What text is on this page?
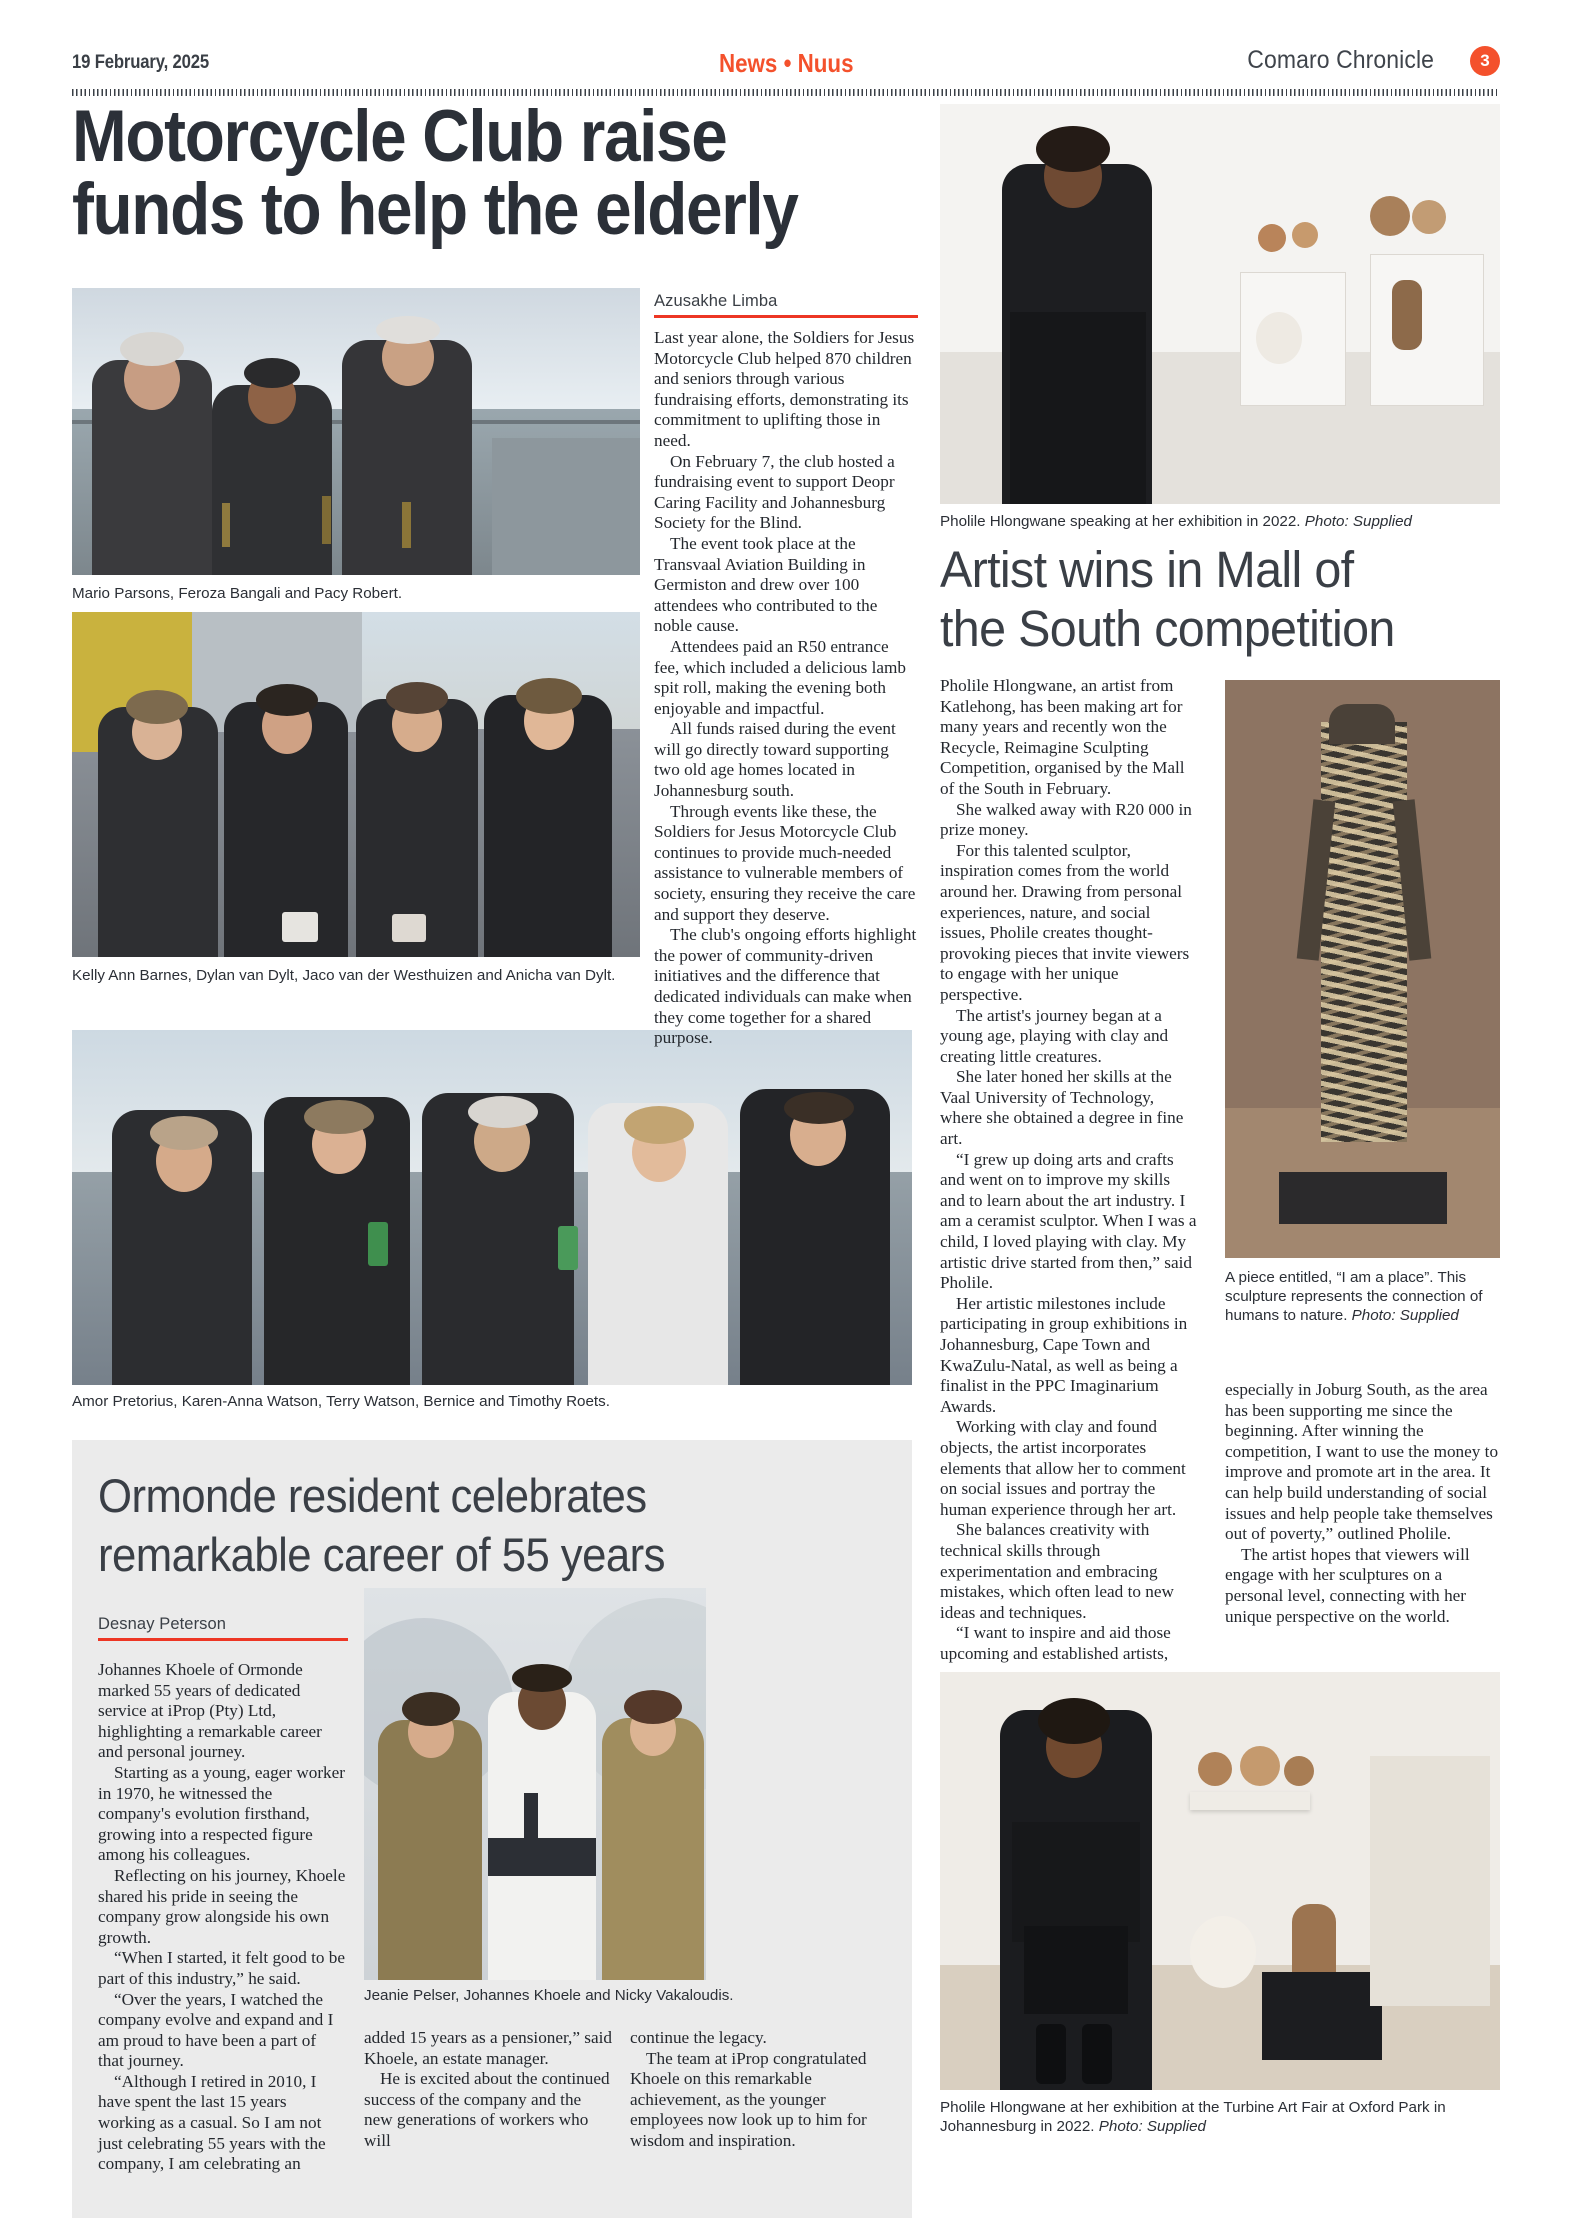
19 February, 2025	News • Nuus	Comaro Chronicle	3
Motorcycle Club raise
funds to help the elderly
Mario Parsons, Feroza Bangali and Pacy Robert.
Kelly Ann Barnes, Dylan van Dylt, Jaco van der Westhuizen and Anicha van Dylt.
Amor Pretorius, Karen-Anna Watson, Terry Watson, Bernice and Timothy Roets.
Azusakhe Limba

Last year alone, the Soldiers for Jesus Motorcycle Club helped 870 children and seniors through various fundraising efforts, demonstrating its commitment to uplifting those in need.

On February 7, the club hosted a fundraising event to support Deopr Caring Facility and Johannesburg Society for the Blind.

The event took place at the Transvaal Aviation Building in Germiston and drew over 100 attendees who contributed to the noble cause.

Attendees paid an R50 entrance fee, which included a delicious lamb spit roll, making the evening both enjoyable and impactful.

All funds raised during the event will go directly toward supporting two old age homes located in Johannesburg south.

Through events like these, the Soldiers for Jesus Motorcycle Club continues to provide much-needed assistance to vulnerable members of society, ensuring they receive the care and support they deserve.

The club's ongoing efforts highlight the power of community-driven initiatives and the difference that dedicated individuals can make when they come together for a shared purpose.

Ormonde resident celebrates
remarkable career of 55 years
Desnay Peterson

Johannes Khoele of Ormonde marked 55 years of dedicated service at iProp (Pty) Ltd, highlighting a remarkable career and personal journey.

Starting as a young, eager worker in 1970, he witnessed the company's evolution firsthand, growing into a respected figure among his colleagues.

Reflecting on his journey, Khoele shared his pride in seeing the company grow alongside his own growth.

“When I started, it felt good to be part of this industry,” he said.

“Over the years, I watched the company evolve and expand and I am proud to have been a part of that journey.

“Although I retired in 2010, I have spent the last 15 years working as a casual. So I am not just celebrating 55 years with the company, I am celebrating an

Jeanie Pelser, Johannes Khoele and Nicky Vakaloudis.

added 15 years as a pensioner,” said Khoele, an estate manager.

He is excited about the continued success of the company and the new generations of workers who will

continue the legacy.

The team at iProp congratulated Khoele on this remarkable achievement, as the younger employees now look up to him for wisdom and inspiration.

Pholile Hlongwane speaking at her exhibition in 2022. Photo: Supplied
Artist wins in Mall of
the South competition

Pholile Hlongwane, an artist from Katlehong, has been making art for many years and recently won the Recycle, Reimagine Sculpting Competition, organised by the Mall of the South in February.

She walked away with R20 000 in prize money.

For this talented sculptor, inspiration comes from the world around her. Drawing from personal experiences, nature, and social issues, Pholile creates thought-provoking pieces that invite viewers to engage with her unique perspective.

The artist's journey began at a young age, playing with clay and creating little creatures.

She later honed her skills at the Vaal University of Technology, where she obtained a degree in fine art.

“I grew up doing arts and crafts and went on to improve my skills and to learn about the art industry. I am a ceramist sculptor. When I was a child, I loved playing with clay. My artistic drive started from then,” said Pholile.

Her artistic milestones include participating in group exhibitions in Johannesburg, Cape Town and KwaZulu-Natal, as well as being a finalist in the PPC Imaginarium Awards.

Working with clay and found objects, the artist incorporates elements that allow her to comment on social issues and portray the human experience through her art.

She balances creativity with technical skills through experimentation and embracing mistakes, which often lead to new ideas and techniques.

“I want to inspire and aid those upcoming and established artists,

A piece entitled, “I am a place”. This sculpture represents the connection of humans to nature. Photo: Supplied

especially in Joburg South, as the area has been supporting me since the beginning. After winning the competition, I want to use the money to improve and promote art in the area. It can help build understanding of social issues and help people take themselves out of poverty,” outlined Pholile.

The artist hopes that viewers will engage with her sculptures on a personal level, connecting with her unique perspective on the world.

Pholile Hlongwane at her exhibition at the Turbine Art Fair at Oxford Park in Johannesburg in 2022. Photo: Supplied
